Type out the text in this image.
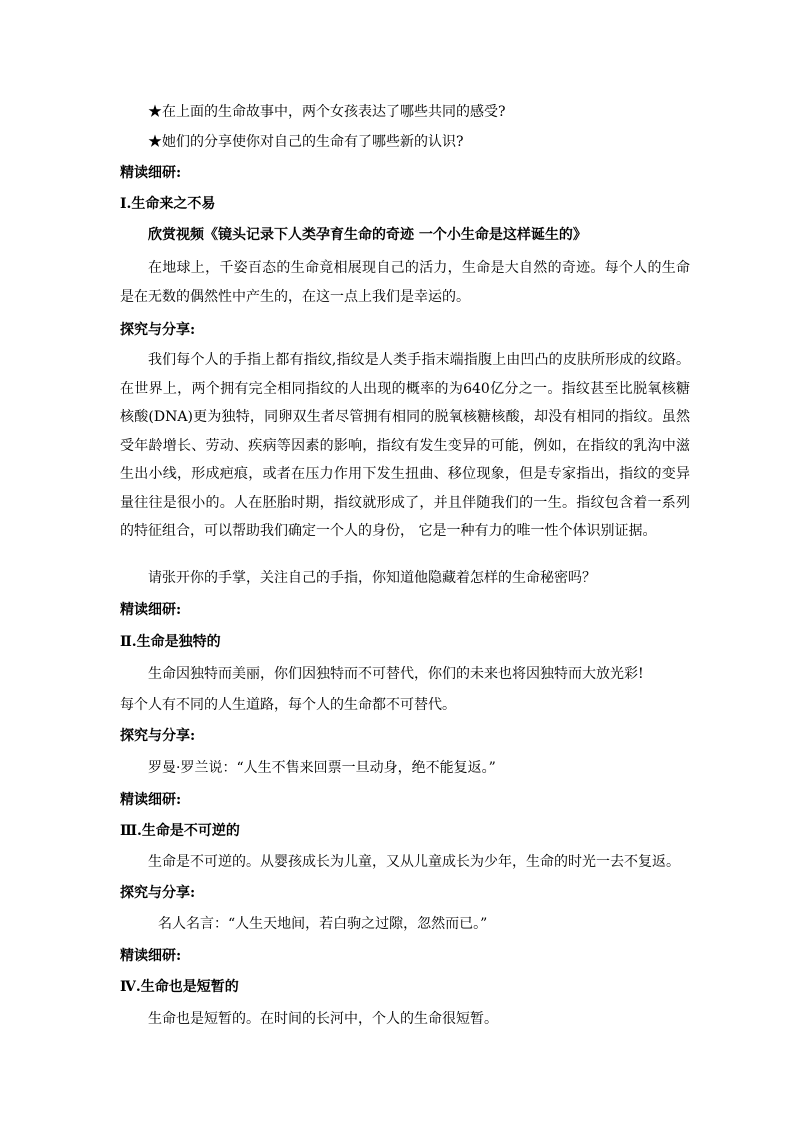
★在上面的生命故事中，两个女孩表达了哪些共同的感受?
★她们的分享使你对自己的生命有了哪些新的认识?
精读细研:
Ⅰ.生命来之不易
欣赏视频《镜头记录下人类孕育生命的奇迹 一个小生命是这样诞生的》
在地球上，千姿百态的生命竟相展现自己的活力，生命是大自然的奇迹。每个人的生命是在无数的偶然性中产生的，在这一点上我们是幸运的。
探究与分享:
我们每个人的手指上都有指纹,指纹是人类手指末端指腹上由凹凸的皮肤所形成的纹路。在世界上，两个拥有完全相同指纹的人出现的概率的为640亿分之一。指纹甚至比脱氧核糖核酸(DNA)更为独特，同卵双生者尽管拥有相同的脱氧核糖核酸，却没有相同的指纹。虽然受年龄增长、劳动、疾病等因素的影响，指纹有发生变异的可能，例如，在指纹的乳沟中滋生出小线，形成疤痕，或者在压力作用下发生扭曲、移位现象，但是专家指出，指纹的变异量往往是很小的。人在胚胎时期，指纹就形成了，并且伴随我们的一生。指纹包含着一系列的特征组合，可以帮助我们确定一个人的身份， 它是一种有力的唯一性个体识别证据。
请张开你的手掌，关注自己的手指，你知道他隐藏着怎样的生命秘密吗？
精读细研:
Ⅱ.生命是独特的
生命因独特而美丽，你们因独特而不可替代，你们的未来也将因独特而大放光彩!
每个人有不同的人生道路，每个人的生命都不可替代。
探究与分享:
罗曼·罗兰说：“人生不售来回票一旦动身，绝不能复返。”
精读细研:
Ⅲ.生命是不可逆的
生命是不可逆的。从婴孩成长为儿童，又从儿童成长为少年，生命的时光一去不复返。
探究与分享:
名人名言：“人生天地间，若白驹之过隙，忽然而已。”
精读细研:
Ⅳ.生命也是短暂的
生命也是短暂的。在时间的长河中，个人的生命很短暂。
